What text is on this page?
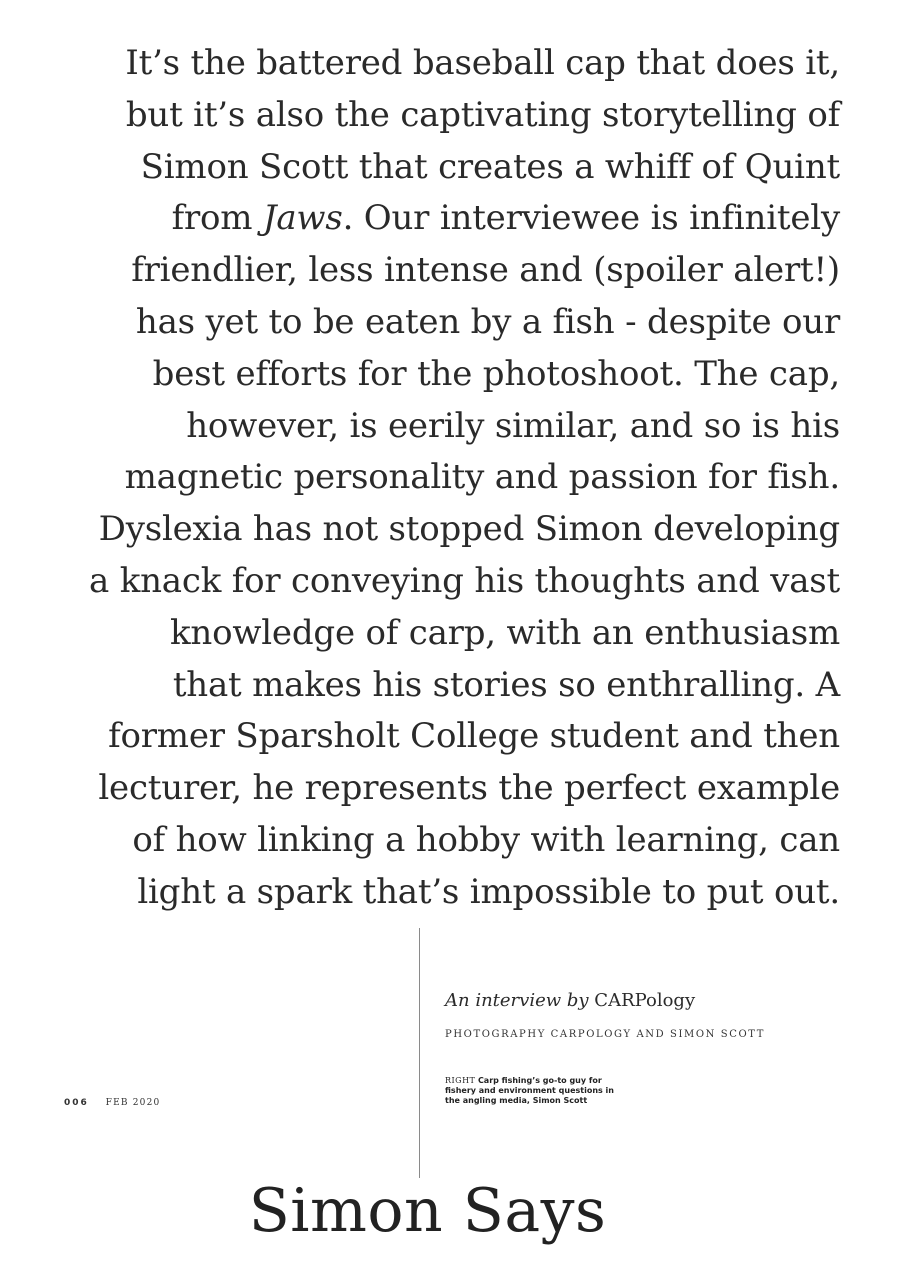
It’s the battered baseball cap that does it,
but it’s also the captivating storytelling of
Simon Scott that creates a whiff of Quint
from Jaws. Our interviewee is infinitely
friendlier, less intense and (spoiler alert!)
has yet to be eaten by a fish - despite our
best efforts for the photoshoot. The cap,
however, is eerily similar, and so is his
magnetic personality and passion for fish.
Dyslexia has not stopped Simon developing
a knack for conveying his thoughts and vast
knowledge of carp, with an enthusiasm
that makes his stories so enthralling. A
former Sparsholt College student and then
lecturer, he represents the perfect example
of how linking a hobby with learning, can
light a spark that’s impossible to put out.
An interview by CARPology
PHOTOGRAPHY CARPOLOGY AND SIMON SCOTT
RIGHT Carp fishing’s go-to guy for fishery and environment questions in the angling media, Simon Scott
006 FEB 2020
Simon Says
